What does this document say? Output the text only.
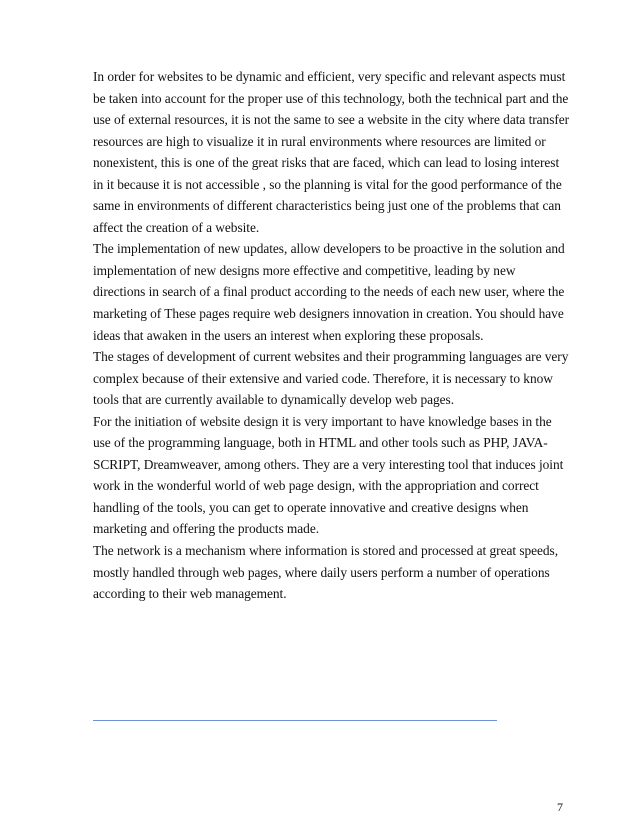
In order for websites to be dynamic and efficient, very specific and relevant aspects must
be taken into account for the proper use of this technology, both the technical part and the
use of external resources, it is not the same to see a website in the city where data transfer
resources are high to visualize it in rural environments where resources are limited or
nonexistent, this is one of the great risks that are faced, which can lead to losing interest
in it because it is not accessible , so the planning is vital for the good performance of the
same in environments of different characteristics being just one of the problems that can
affect the creation of a website.
The implementation of new updates, allow developers to be proactive in the solution and
implementation of new designs more effective and competitive, leading by new
directions in search of a final product according to the needs of each new user, where the
marketing of These pages require web designers innovation in creation. You should have
ideas that awaken in the users an interest when exploring these proposals.
The stages of development of current websites and their programming languages are very
complex because of their extensive and varied code. Therefore, it is necessary to know
tools that are currently available to dynamically develop web pages.
For the initiation of website design it is very important to have knowledge bases in the
use of the programming language, both in HTML and other tools such as PHP, JAVA-
SCRIPT, Dreamweaver, among others. They are a very interesting tool that induces joint
work in the wonderful world of web page design, with the appropriation and correct
handling of the tools, you can get to operate innovative and creative designs when
marketing and offering the products made.
The network is a mechanism where information is stored and processed at great speeds,
mostly handled through web pages, where daily users perform a number of operations
according to their web management.
7
